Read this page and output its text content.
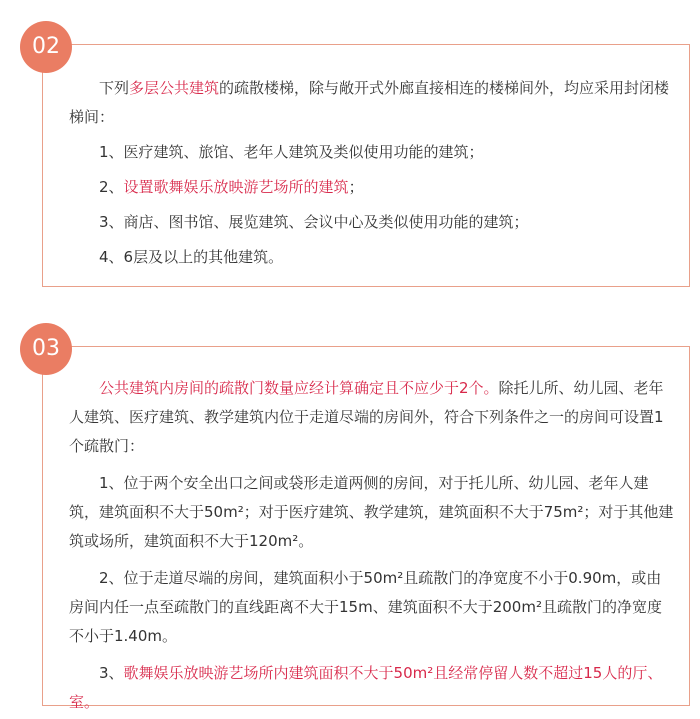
下列多层公共建筑的疏散楼梯，除与敞开式外廊直接相连的楼梯间外，均应采用封闭楼梯间：

1、医疗建筑、旅馆、老年人建筑及类似使用功能的建筑；

2、设置歌舞娱乐放映游艺场所的建筑；

3、商店、图书馆、展览建筑、会议中心及类似使用功能的建筑；

4、6层及以上的其他建筑。

02

公共建筑内房间的疏散门数量应经计算确定且不应少于2个。除托儿所、幼儿园、老年人建筑、医疗建筑、教学建筑内位于走道尽端的房间外，符合下列条件之一的房间可设置1个疏散门：

1、位于两个安全出口之间或袋形走道两侧的房间，对于托儿所、幼儿园、老年人建筑，建筑面积不大于50m²；对于医疗建筑、教学建筑，建筑面积不大于75m²；对于其他建筑或场所，建筑面积不大于120m²。

2、位于走道尽端的房间，建筑面积小于50m²且疏散门的净宽度不小于0.90m，或由房间内任一点至疏散门的直线距离不大于15m、建筑面积不大于200m²且疏散门的净宽度不小于1.40m。

3、歌舞娱乐放映游艺场所内建筑面积不大于50m²且经常停留人数不超过15人的厅、室。

03
